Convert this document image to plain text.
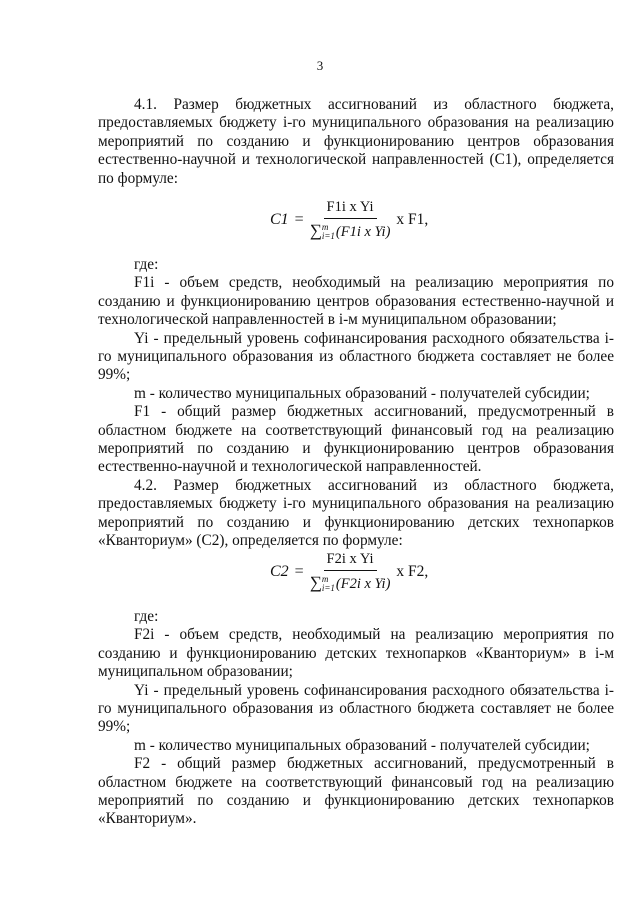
3

4.1. Размер бюджетных ассигнований из областного бюджета, предоставляемых бюджету i-го муниципального образования на реализацию мероприятий по созданию и функционированию центров образования естественно-научной и технологической направленностей (С1), определяется по формуле:

C1 = F1i x Yi
∑ m
i=1 (F1i x Yi) x F1,

где:

F1i - объем средств, необходимый на реализацию мероприятия по созданию и функционированию центров образования естественно-научной и технологической направленностей в i-м муниципальном образовании;

Yi - предельный уровень софинансирования расходного обязательства i-го муниципального образования из областного бюджета составляет не более 99%;

m - количество муниципальных образований - получателей субсидии;

F1 - общий размер бюджетных ассигнований, предусмотренный в областном бюджете на соответствующий финансовый год на реализацию мероприятий по созданию и функционированию центров образования естественно-научной и технологической направленностей.

4.2. Размер бюджетных ассигнований из областного бюджета, предоставляемых бюджету i-го муниципального образования на реализацию мероприятий по созданию и функционированию детских технопарков «Кванториум» (С2), определяется по формуле:

C2 = F2i x Yi
∑ m
i=1 (F2i x Yi) x F2,

где:

F2i - объем средств, необходимый на реализацию мероприятия по созданию и функционированию детских технопарков «Кванториум» в i-м муниципальном образовании;

Yi - предельный уровень софинансирования расходного обязательства i-го муниципального образования из областного бюджета составляет не более 99%;

m - количество муниципальных образований - получателей субсидии;

F2 - общий размер бюджетных ассигнований, предусмотренный в областном бюджете на соответствующий финансовый год на реализацию мероприятий по созданию и функционированию детских технопарков «Кванториум».
